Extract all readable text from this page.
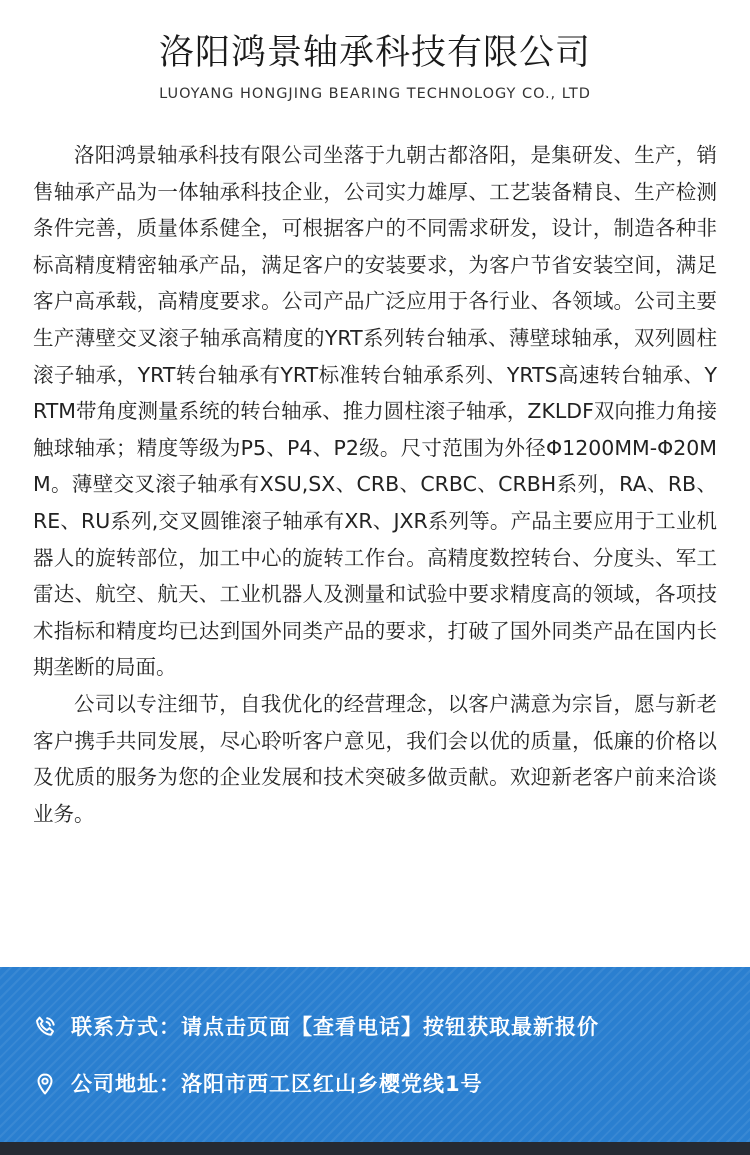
洛阳鸿景轴承科技有限公司
LUOYANG HONGJING BEARING TECHNOLOGY CO., LTD

洛阳鸿景轴承科技有限公司坐落于九朝古都洛阳，是集研发、生产，销售轴承产品为一体轴承科技企业，公司实力雄厚、工艺装备精良、生产检测条件完善，质量体系健全，可根据客户的不同需求研发，设计，制造各种非标高精度精密轴承产品，满足客户的安装要求，为客户节省安装空间，满足客户高承载，高精度要求。公司产品广泛应用于各行业、各领域。公司主要生产薄壁交叉滚子轴承高精度的YRT系列转台轴承、薄壁球轴承，双列圆柱滚子轴承，YRT转台轴承有YRT标准转台轴承系列、YRTS高速转台轴承、YRTM带角度测量系统的转台轴承、推力圆柱滚子轴承，ZKLDF双向推力角接触球轴承；精度等级为P5、P4、P2级。尺寸范围为外径Φ1200MM-Φ20MM。薄壁交叉滚子轴承有XSU,SX、CRB、CRBC、CRBH系列，RA、RB、RE、RU系列,交叉圆锥滚子轴承有XR、JXR系列等。产品主要应用于工业机器人的旋转部位，加工中心的旋转工作台。高精度数控转台、分度头、军工雷达、航空、航天、工业机器人及测量和试验中要求精度高的领域，各项技术指标和精度均已达到国外同类产品的要求，打破了国外同类产品在国内长期垄断的局面。

公司以专注细节，自我优化的经营理念，以客户满意为宗旨，愿与新老客户携手共同发展，尽心聆听客户意见，我们会以优的质量，低廉的价格以及优质的服务为您的企业发展和技术突破多做贡献。欢迎新老客户前来洽谈业务。

联系方式：请点击页面【查看电话】按钮获取最新报价
公司地址：洛阳市西工区红山乡樱党线1号
